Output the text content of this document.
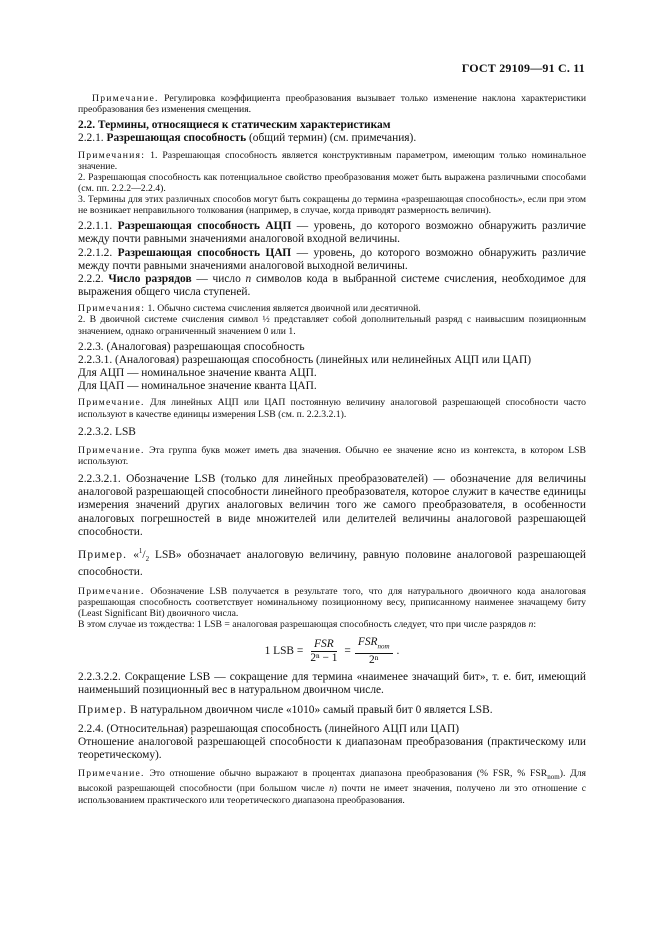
ГОСТ 29109—91 С. 11

Примечание. Регулировка коэффициента преобразования вызывает только изменение наклона характеристики преобразования без изменения смещения.

2.2. Термины, относящиеся к статическим характеристикам

2.2.1. Разрешающая способность (общий термин) (см. примечания).

Примечания: 1. Разрешающая способность является конструктивным параметром, имеющим только номинальное значение.

2. Разрешающая способность как потенциальное свойство преобразования может быть выражена различными способами (см. пп. 2.2.2—2.2.4).

3. Термины для этих различных способов могут быть сокращены до термина «разрешающая способность», если при этом не возникает неправильного толкования (например, в случае, когда приводят размерность величин).

2.2.1.1. Разрешающая способность АЦП — уровень, до которого возможно обнаружить различие между почти равными значениями аналоговой входной величины.

2.2.1.2. Разрешающая способность ЦАП — уровень, до которого возможно обнаружить различие между почти равными значениями аналоговой выходной величины.

2.2.2. Число разрядов — число n символов кода в выбранной системе счисления, необходимое для выражения общего числа ступеней.

Примечания: 1. Обычно система счисления является двоичной или десятичной.

2. В двоичной системе счисления символ ½ представляет собой дополнительный разряд с наивысшим позиционным значением, однако ограниченный значением 0 или 1.

2.2.3. (Аналоговая) разрешающая способность

2.2.3.1. (Аналоговая) разрешающая способность (линейных или нелинейных АЦП или ЦАП)

Для АЦП — номинальное значение кванта АЦП.

Для ЦАП — номинальное значение кванта ЦАП.

Примечание. Для линейных АЦП или ЦАП постоянную величину аналоговой разрешающей способности часто используют в качестве единицы измерения LSB (см. п. 2.2.3.2.1).

2.2.3.2. LSB

Примечание. Эта группа букв может иметь два значения. Обычно ее значение ясно из контекста, в котором LSB используют.

2.2.3.2.1. Обозначение LSB (только для линейных преобразователей) — обозначение для величины аналоговой разрешающей способности линейного преобразователя, которое служит в качестве единицы измерения значений других аналоговых величин того же самого преобразователя, в особенности аналоговых погрешностей в виде множителей или делителей величины аналоговой разрешающей способности.

Пример. «$^1/_2$ LSB» обозначает аналоговую величину, равную половине аналоговой разрешающей способности.

Примечание. Обозначение LSB получается в результате того, что для натурального двоичного кода аналоговая разрешающая способность соответствует номинальному позиционному весу, приписанному наименее значащему биту (Least Significant Bit) двоичного числа.

В этом случае из тождества: 1 LSB = аналоговая разрешающая способность следует, что при числе разрядов n:

1 LSB = $\frac{\text{FSR}}{\text{2ⁿ − 1}} = \frac{FSR_{nom}}{\text{2ⁿ}}$ .

2.2.3.2.2. Сокращение LSB — сокращение для термина «наименее значащий бит», т. е. бит, имеющий наименьший позиционный вес в натуральном двоичном числе.

Пример. В натуральном двоичном числе «1010» самый правый бит 0 является LSB.

2.2.4. (Относительная) разрешающая способность (линейного АЦП или ЦАП)

Отношение аналоговой разрешающей способности к диапазонам преобразования (практическому или теоретическому).

Примечание. Это отношение обычно выражают в процентах диапазона преобразования (% FSR, % $FSR_{nom}$). Для высокой разрешающей способности (при большом числе n) почти не имеет значения, получено ли это отношение с использованием практического или теоретического диапазона преобразования.
